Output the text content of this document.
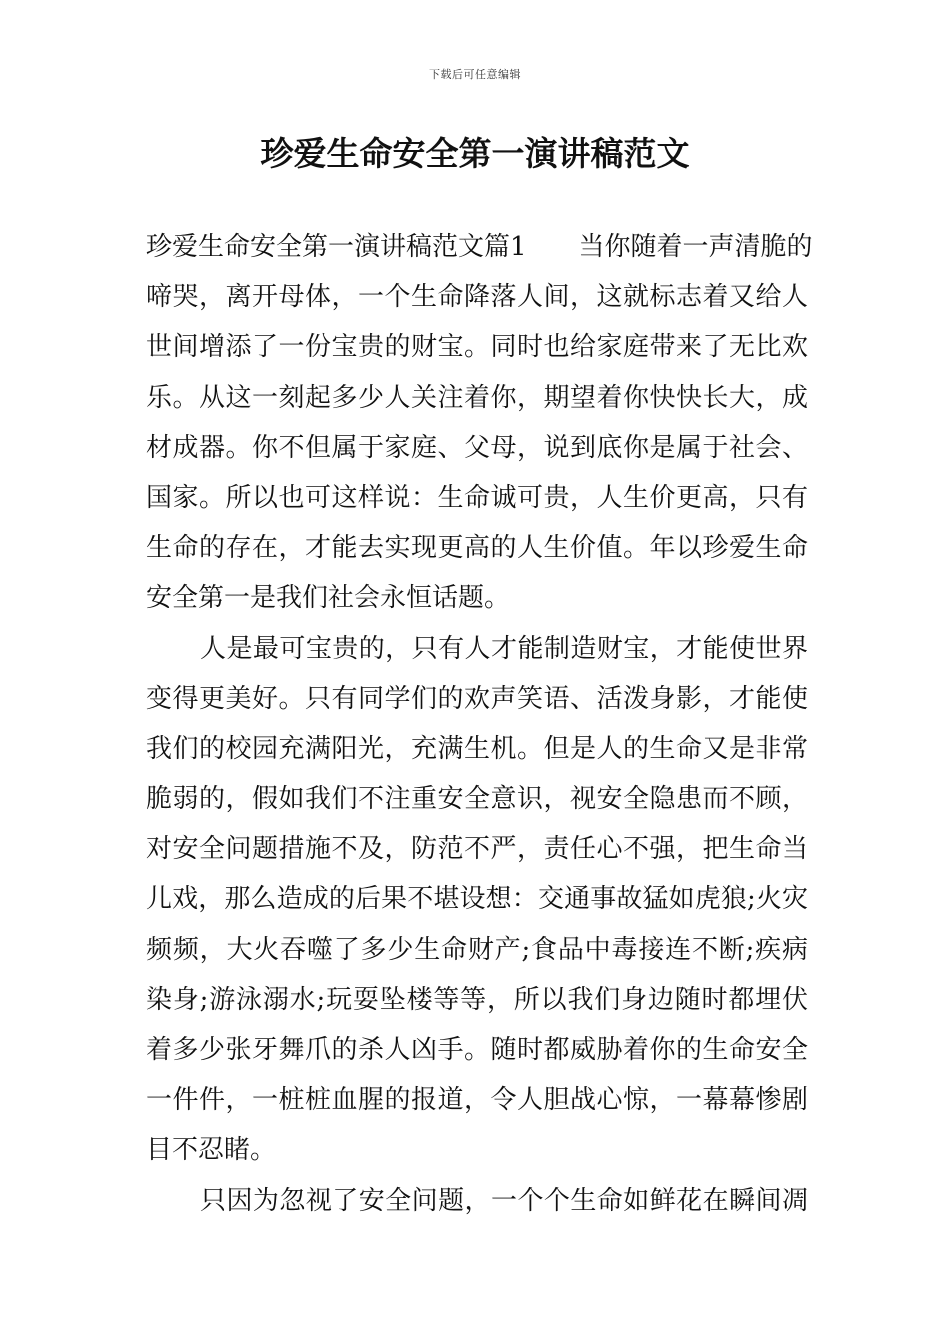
下载后可任意编辑
珍爱生命安全第一演讲稿范文
珍爱生命安全第一演讲稿范文篇1　　当你随着一声清脆的
啼哭，离开母体，一个生命降落人间，这就标志着又给人
世间增添了一份宝贵的财宝。同时也给家庭带来了无比欢
乐。从这一刻起多少人关注着你，期望着你快快长大，成
材成器。你不但属于家庭、父母，说到底你是属于社会、
国家。所以也可这样说：生命诚可贵，人生价更高，只有
生命的存在，才能去实现更高的人生价值。年以珍爱生命
安全第一是我们社会永恒话题。
人是最可宝贵的，只有人才能制造财宝，才能使世界
变得更美好。只有同学们的欢声笑语、活泼身影，才能使
我们的校园充满阳光，充满生机。但是人的生命又是非常
脆弱的，假如我们不注重安全意识，视安全隐患而不顾，
对安全问题措施不及，防范不严，责任心不强，把生命当
儿戏，那么造成的后果不堪设想：交通事故猛如虎狼;火灾
频频，大火吞噬了多少生命财产;食品中毒接连不断;疾病
染身;游泳溺水;玩耍坠楼等等，所以我们身边随时都埋伏
着多少张牙舞爪的杀人凶手。随时都威胁着你的生命安全
一件件，一桩桩血腥的报道，令人胆战心惊，一幕幕惨剧
目不忍睹。
只因为忽视了安全问题，一个个生命如鲜花在瞬间凋
